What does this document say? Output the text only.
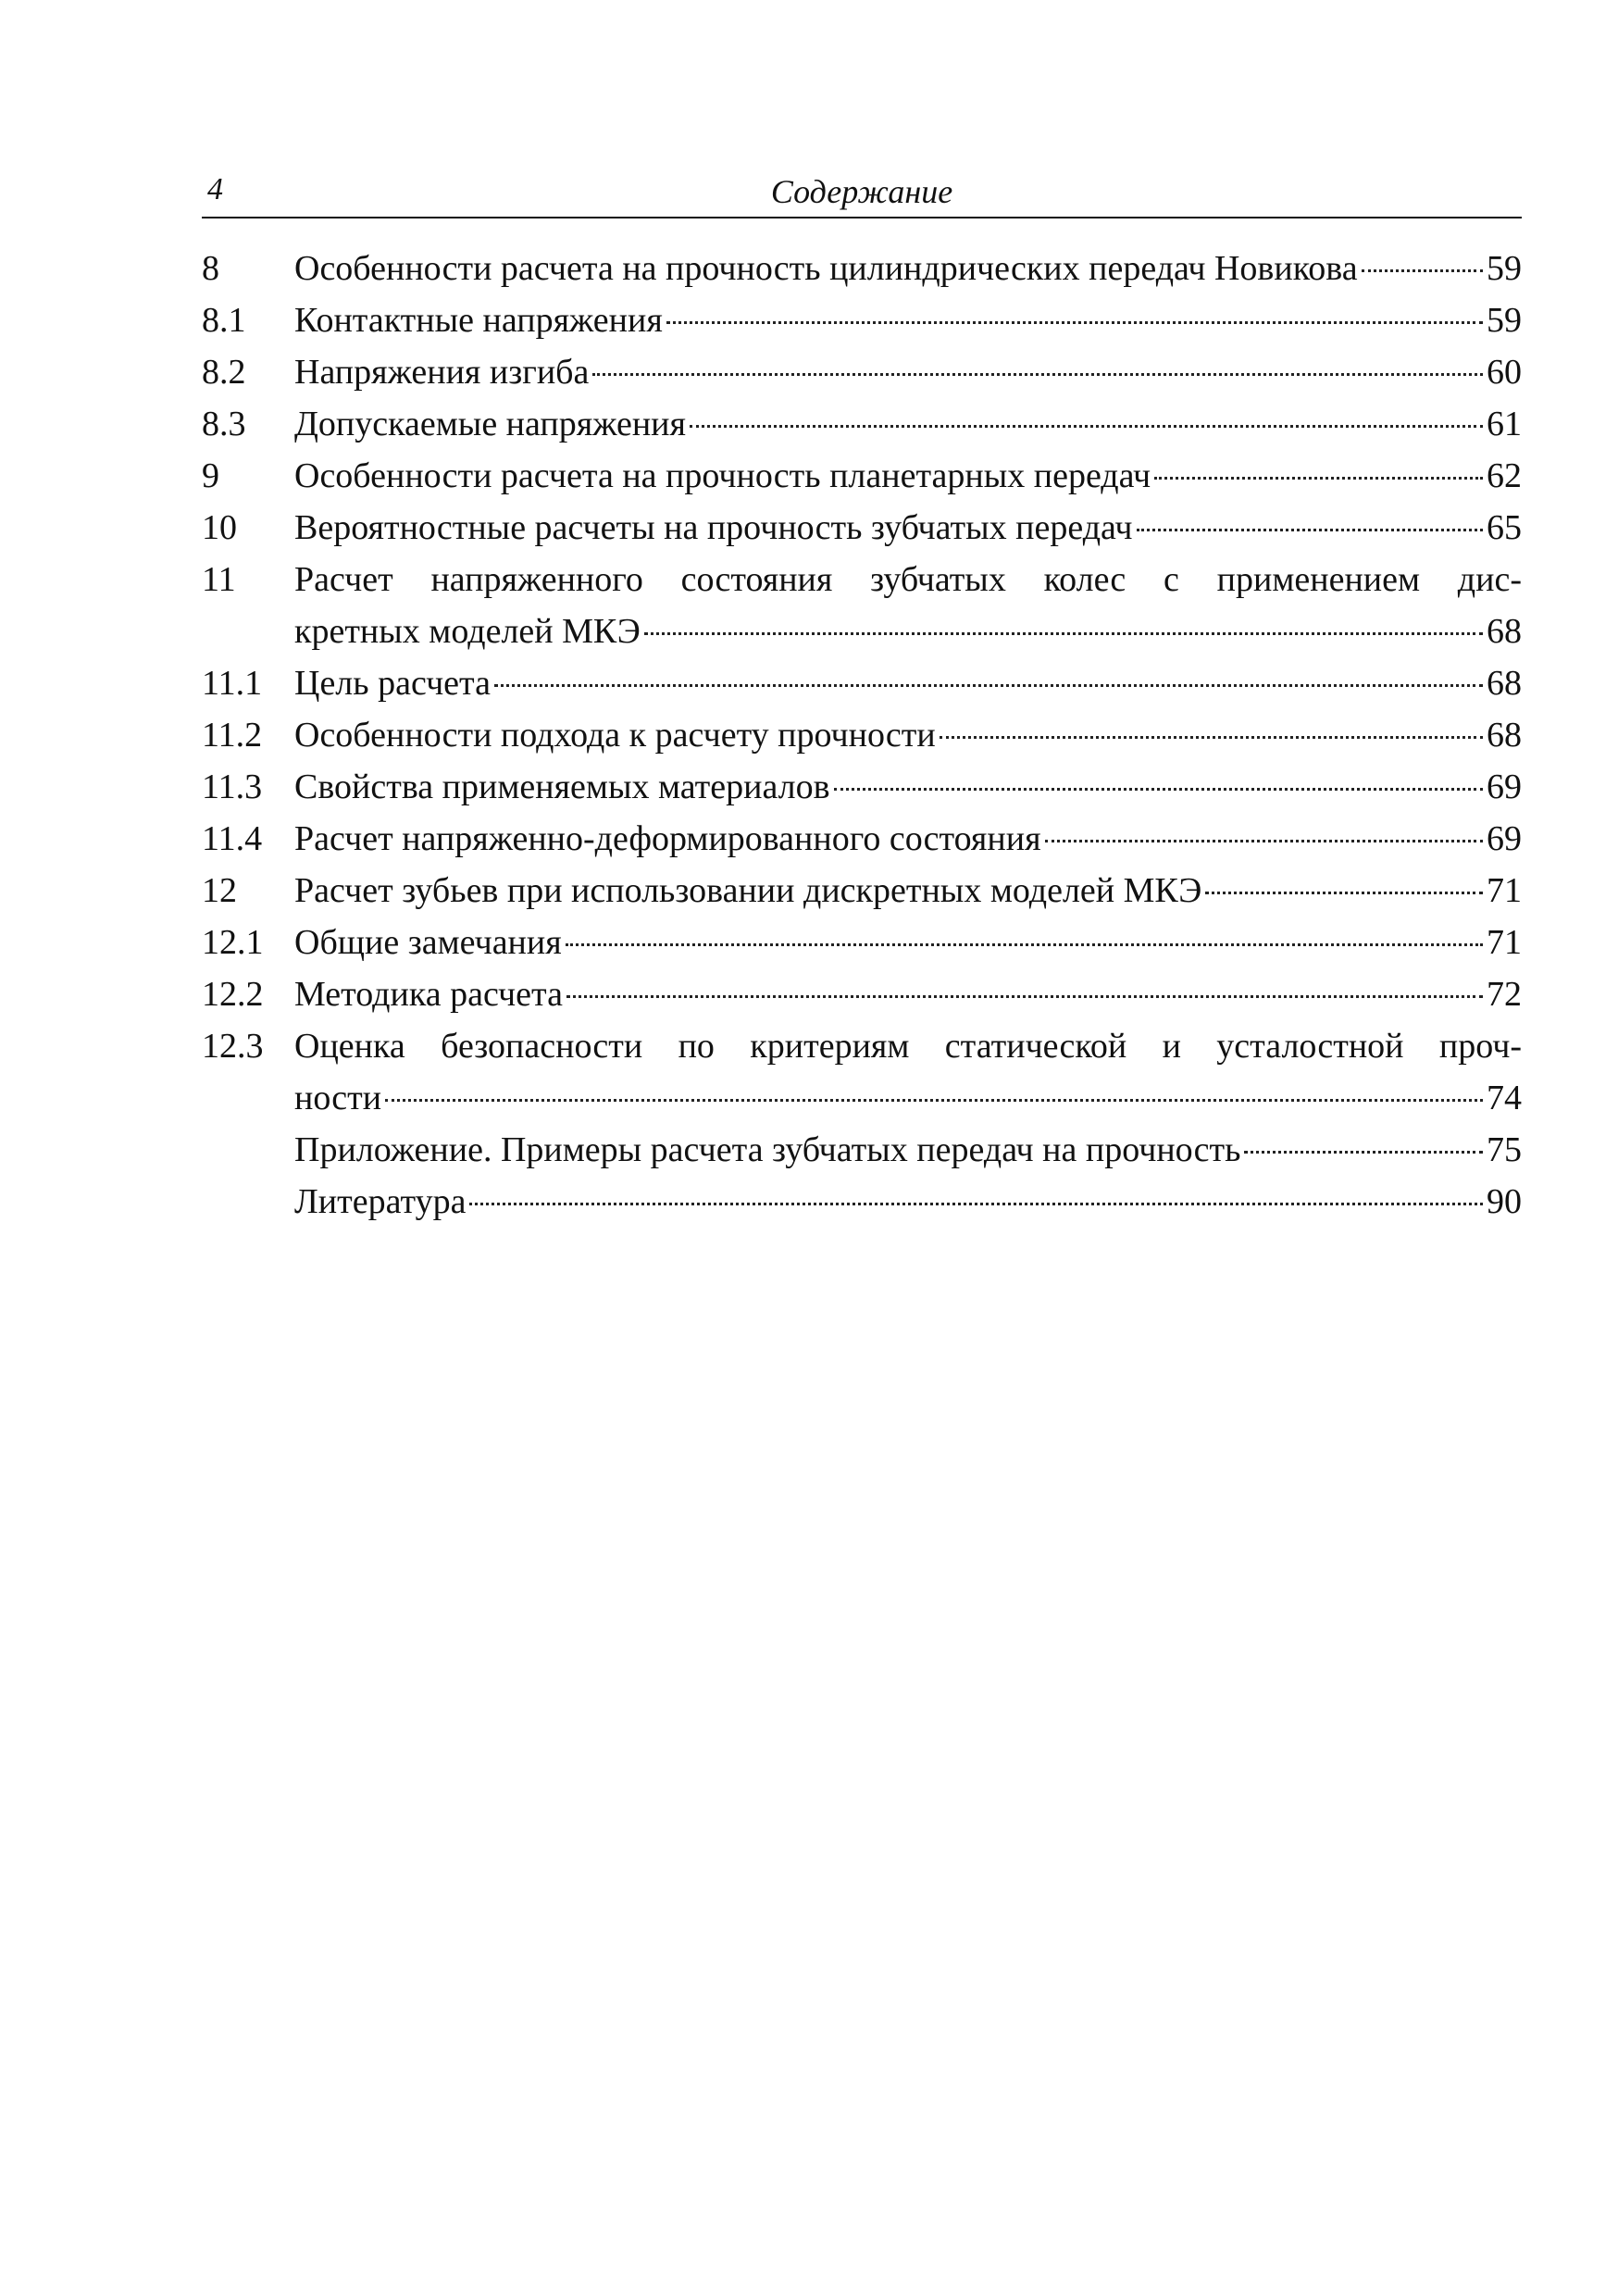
4	Содержание
8	Особенности расчета на прочность цилиндрических передач Новикова	59
8.1	Контактные напряжения	59
8.2	Напряжения изгиба	60
8.3	Допускаемые напряжения	61
9	Особенности расчета на прочность планетарных передач	62
10	Вероятностные расчеты на прочность зубчатых передач	65
11	Расчет напряженного состояния зубчатых колес с применением дис-
кретных моделей МКЭ	68
11.1 Цель расчета	68
11.2 Особенности подхода к расчету прочности	68
11.3 Свойства применяемых материалов	69
11.4 Расчет напряженно-деформированного состояния	69
12	Расчет зубьев при использовании дискретных моделей МКЭ	71
12.1 Общие замечания	71
12.2 Методика расчета	72
12.3 Оценка безопасности по критериям статической и усталостной проч-
ности	74
Приложение. Примеры расчета зубчатых передач на прочность	75
Литература	90
